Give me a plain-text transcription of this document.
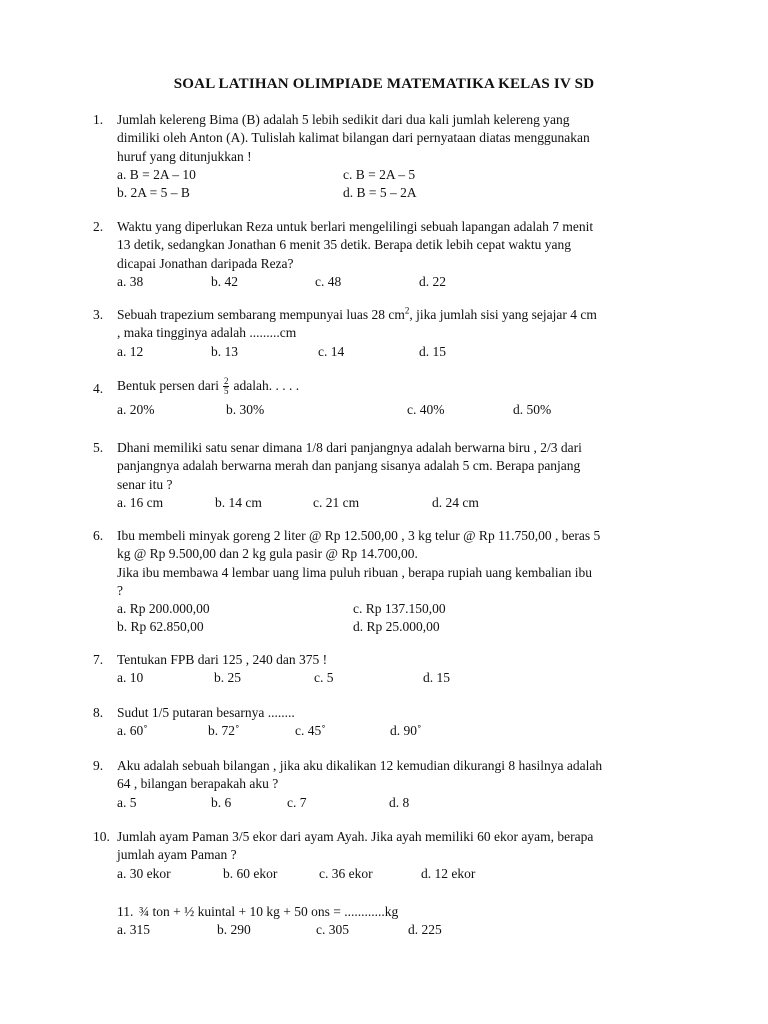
SOAL LATIHAN OLIMPIADE MATEMATIKA KELAS IV SD
1.	Jumlah kelereng Bima (B) adalah 5 lebih sedikit dari dua kali jumlah kelereng yang
dimiliki oleh Anton (A). Tulislah kalimat bilangan dari pernyataan diatas menggunakan
huruf yang ditunjukkan !
a. B = 2A – 10	c. B = 2A – 5
b. 2A = 5 – B	d. B = 5 – 2A
2.	Waktu yang diperlukan Reza untuk berlari mengelilingi sebuah lapangan adalah 7 menit
13 detik, sedangkan Jonathan 6 menit 35 detik. Berapa detik lebih cepat waktu yang
dicapai Jonathan daripada Reza?
a. 38	b. 42	c. 48	d. 22
3.	Sebuah trapezium sembarang mempunyai luas 28 $cm^2$, jika jumlah sisi yang sejajar 4 cm
, maka tingginya adalah .........cm
a. 12	b. 13	c. 14	d. 15
4.	Bentuk persen dari $\frac{2}{5}$ adalah. . . . .
a. 20%	b. 30%	c. 40%	d. 50%
5.	Dhani memiliki satu senar dimana 1/8 dari panjangnya adalah berwarna biru , 2/3 dari
panjangnya adalah berwarna merah dan panjang sisanya adalah 5 cm. Berapa panjang
senar itu ?
a. 16 cm	b. 14 cm	c. 21 cm	d. 24 cm
6.	Ibu membeli minyak goreng 2 liter @ Rp 12.500,00 , 3 kg telur @ Rp 11.750,00 , beras 5
kg @ Rp 9.500,00 dan 2 kg gula pasir @ Rp 14.700,00.
Jika ibu membawa 4 lembar uang lima puluh ribuan , berapa rupiah uang kembalian ibu
?
a. Rp 200.000,00	c. Rp 137.150,00
b. Rp 62.850,00	d. Rp 25.000,00
7.	Tentukan FPB dari 125 , 240 dan 375 !
a. 10	b. 25	c. 5	d. 15
8.	Sudut 1/5 putaran besarnya ........
a. 60˚	b. 72˚	c. 45˚	d. 90˚
9.	Aku adalah sebuah bilangan , jika aku dikalikan 12 kemudian dikurangi 8 hasilnya adalah
64 , bilangan berapakah aku ?
a. 5	b. 6	c. 7	d. 8
10. Jumlah ayam Paman 3/5 ekor dari ayam Ayah. Jika ayah memiliki 60 ekor ayam, berapa
jumlah ayam Paman ?
a. 30 ekor	b. 60 ekor	c. 36 ekor	d. 12 ekor
11. ¾ ton + ½ kuintal + 10 kg + 50 ons = ............kg
a. 315	b. 290	c. 305	d. 225
